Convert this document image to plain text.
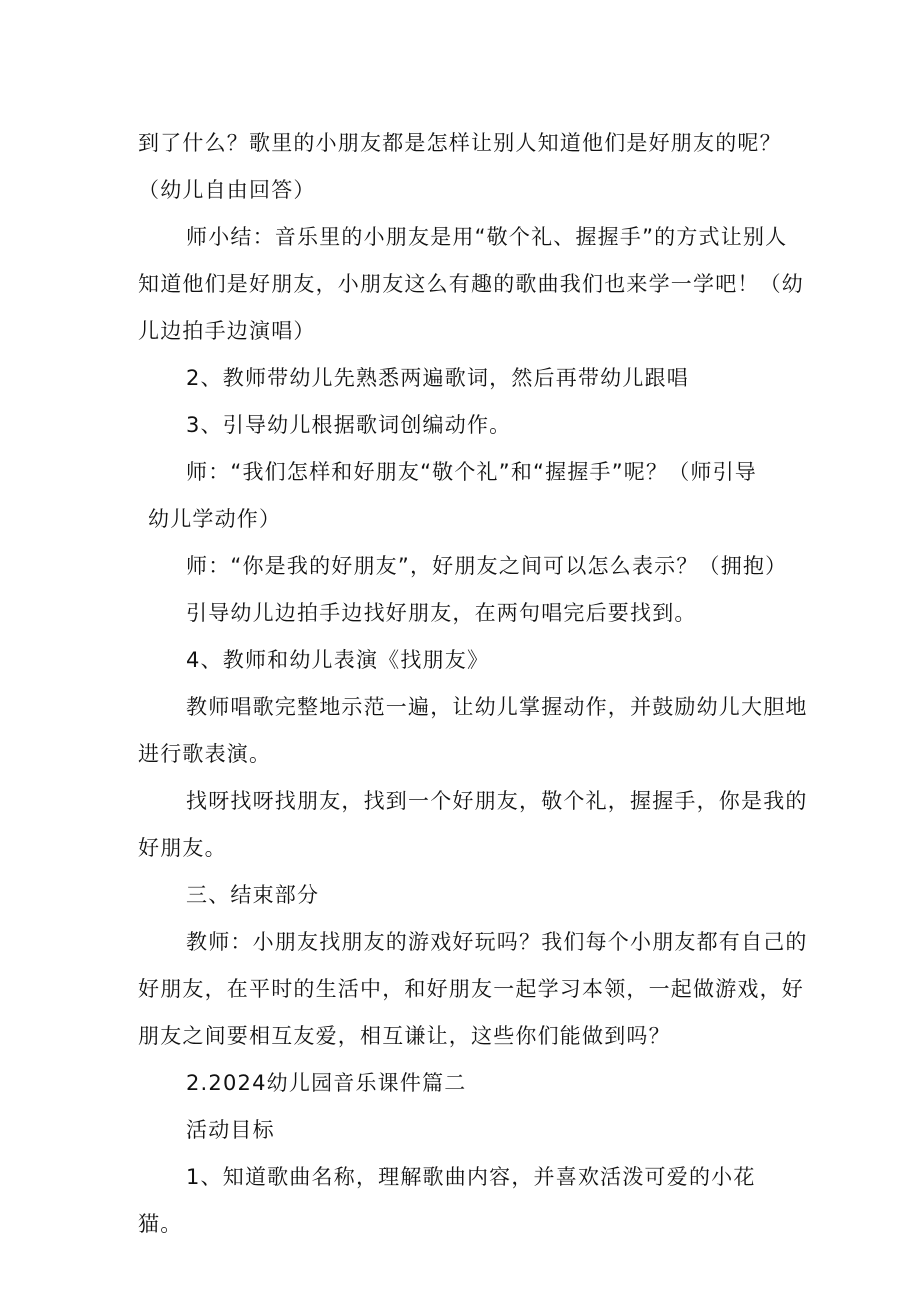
到了什么？歌里的小朋友都是怎样让别人知道他们是好朋友的呢？
（幼儿自由回答）
师小结：音乐里的小朋友是用“敬个礼、握握手”的方式让别人
知道他们是好朋友，小朋友这么有趣的歌曲我们也来学一学吧！（幼
儿边拍手边演唱）
2、教师带幼儿先熟悉两遍歌词，然后再带幼儿跟唱
3、引导幼儿根据歌词创编动作。
师：“我们怎样和好朋友“敬个礼”和“握握手”呢？（师引导
幼儿学动作）
师：“你是我的好朋友”，好朋友之间可以怎么表示？（拥抱）
引导幼儿边拍手边找好朋友，在两句唱完后要找到。
4、教师和幼儿表演《找朋友》
教师唱歌完整地示范一遍，让幼儿掌握动作，并鼓励幼儿大胆地
进行歌表演。
找呀找呀找朋友，找到一个好朋友，敬个礼，握握手，你是我的
好朋友。
三、结束部分
教师：小朋友找朋友的游戏好玩吗？我们每个小朋友都有自己的
好朋友，在平时的生活中，和好朋友一起学习本领，一起做游戏，好
朋友之间要相互友爱，相互谦让，这些你们能做到吗？
2.2024幼儿园音乐课件篇二
活动目标
1、知道歌曲名称，理解歌曲内容，并喜欢活泼可爱的小花
猫。
